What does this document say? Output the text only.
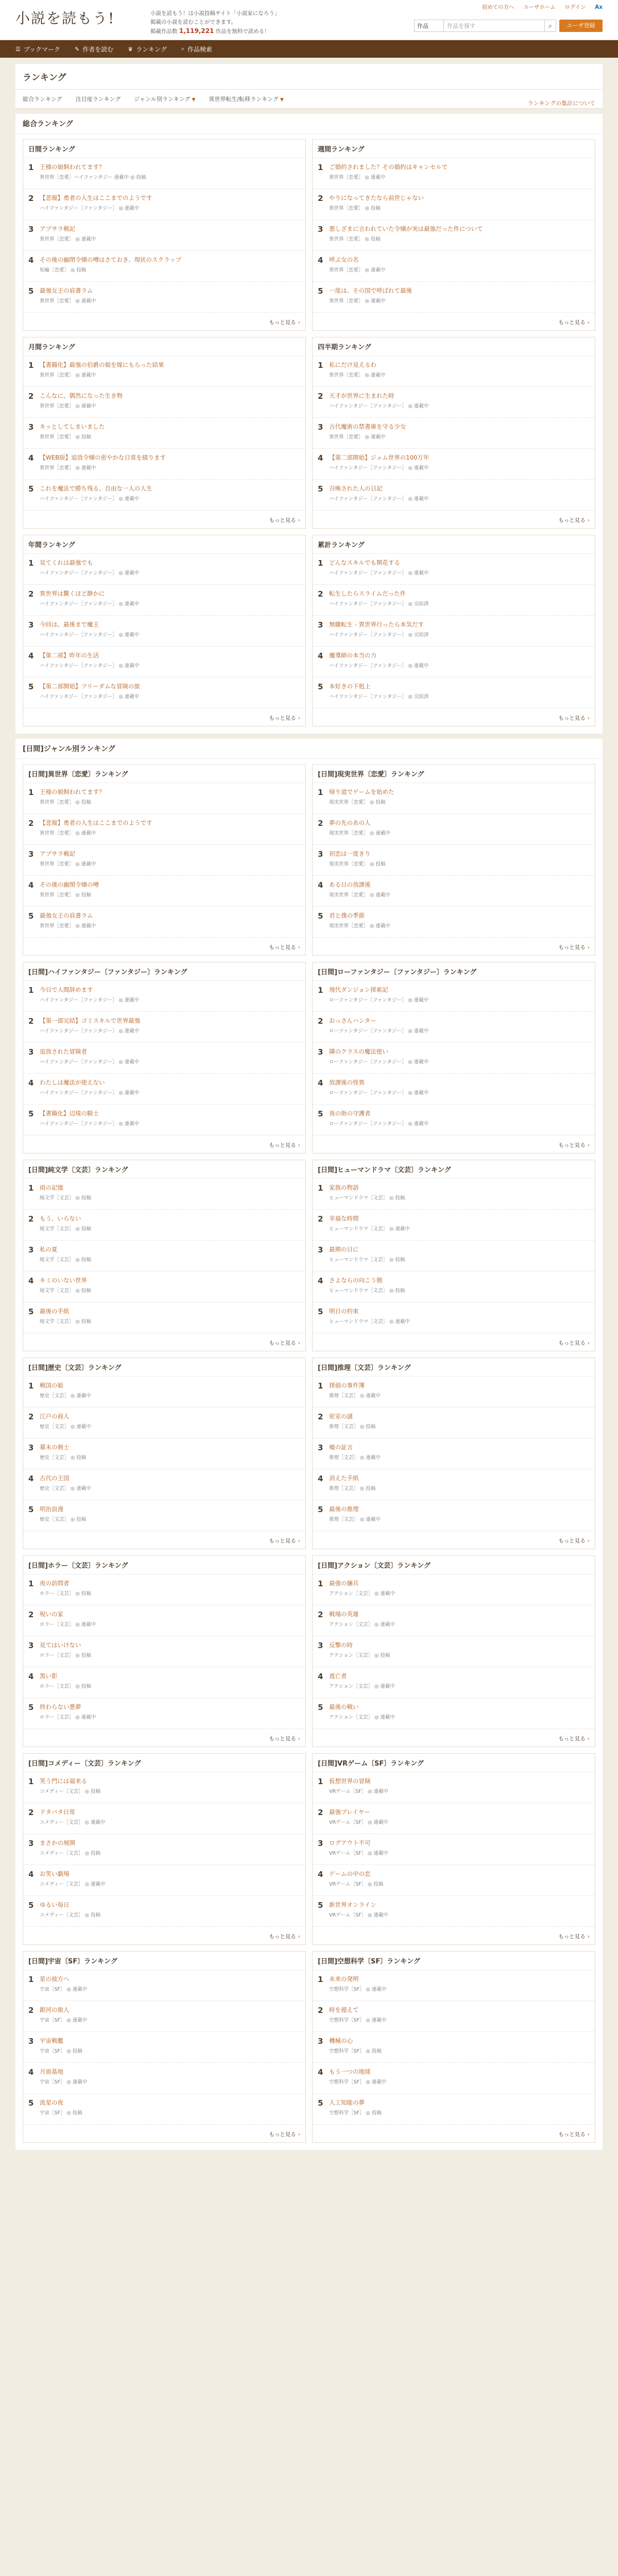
小説を読もう!	小説を読もう！は小説投稿サイト「小説家になろう」掲載の小説を読むことができます。
掲載作品数 1,119,221 作品を無料で読める！
初めての方へ ユーザホーム ログイン Ax
作品	作品を探す	⌕	ユーザ登録
☰ ブックマーク	✎ 作者を読む	♛ ランキング	⌕ 作品検索
ランキング
ランキングの集計について
総合ランキング 注目度ランキング ジャンル別ランキング ▼ 異世界転生/転移ランキング ▼
総合ランキング
日間ランキング
1	王様の娘飼われてます？
異世界［恋愛］ハイファンタジー 連載中 ◎ 投稿
2	【悲報】勇者の人生はここまでのようです
ハイファンタジー［ファンタジー］ ◎ 連載中
3	アプサラ戦記
異世界［恋愛］ ◎ 連載中
4	その後の幽閉令嬢の噂はさておき、現状のスクラップ
短編［恋愛］ ◎ 投稿
5	最強女王の肩書ラム
異世界［恋愛］ ◎ 連載中
もっと見る ›
週間ランキング
1	ご婚約されました？その婚約はキャンセルで
異世界［恋愛］ ◎ 連載中
2	やりになってきたなら前世じゃない
異世界［恋愛］ ◎ 投稿
3	悪しざまに言われていた令嬢が実は最強だった件について
異世界［恋愛］ ◎ 投稿
4	呼ぶ女の名
異世界［恋愛］ ◎ 連載中
5	一度は、その国で呼ばれて最後
異世界［恋愛］ ◎ 連載中
もっと見る ›
月間ランキング
1	【書籍化】最強の伯爵の娘を嫁にもらった結果
異世界［恋愛］ ◎ 連載中
2	こんなに、偶然になった生き物
異世界［恋愛］ ◎ 連載中
3	キッとしてしまいました
異世界［恋愛］ ◎ 投稿
4	【WEB版】追放令嬢の密やかな日常を綴ります
異世界［恋愛］ ◎ 連載中
5	これを魔法で勝ち残る、自由な一人の人生
ハイファンタジー［ファンタジー］ ◎ 連載中
もっと見る ›
四半期ランキング
1	私にだけ見えるわ
異世界［恋愛］ ◎ 連載中
2	天才が世界に生まれた時
ハイファンタジー［ファンタジー］ ◎ 連載中
3	古代魔術の禁書庫を守る少女
異世界［恋愛］ ◎ 連載中
4	【第二部開始】ジェム世界の100万年
ハイファンタジー［ファンタジー］ ◎ 連載中
5	召喚された人の日記
ハイファンタジー［ファンタジー］ ◎ 連載中
もっと見る ›
年間ランキング
1	見てくれは最強でも
ハイファンタジー［ファンタジー］ ◎ 連載中
2	異世界は驚くほど静かに
ハイファンタジー［ファンタジー］ ◎ 連載中
3	今回は、最後まで魔王
ハイファンタジー［ファンタジー］ ◎ 連載中
4	【第二部】昨年の生活
ハイファンタジー［ファンタジー］ ◎ 連載中
5	【第二部開始】フリーダムな冒険の旅
ハイファンタジー［ファンタジー］ ◎ 連載中
もっと見る ›
累計ランキング
1	どんなスキルでも開花する
ハイファンタジー［ファンタジー］ ◎ 連載中
2	転生したらスライムだった件
ハイファンタジー［ファンタジー］ ◎ 完結済
3	無職転生 - 異世界行ったら本気だす
ハイファンタジー［ファンタジー］ ◎ 完結済
4	魔導師の本当の力
ハイファンタジー［ファンタジー］ ◎ 連載中
5	本好きの下剋上
ハイファンタジー［ファンタジー］ ◎ 完結済
もっと見る ›
[日間]ジャンル別ランキング
[日間]異世界〔恋愛〕ランキング
1	王様の娘飼われてます？
異世界［恋愛］ ◎ 投稿
2	【悲報】勇者の人生はここまでのようです
異世界［恋愛］ ◎ 連載中
3	アプサラ戦記
異世界［恋愛］ ◎ 連載中
4	その後の幽閉令嬢の噂
異世界［恋愛］ ◎ 投稿
5	最強女王の肩書ラム
異世界［恋愛］ ◎ 連載中
もっと見る ›
[日間]現実世界〔恋愛〕ランキング
1	帰り道でゲームを始めた
現実世界［恋愛］ ◎ 投稿
2	夢の先のあの人
現実世界［恋愛］ ◎ 連載中
3	初恋は一度きり
現実世界［恋愛］ ◎ 投稿
4	ある日の放課後
現実世界［恋愛］ ◎ 連載中
5	君と僕の季節
現実世界［恋愛］ ◎ 連載中
もっと見る ›
[日間]ハイファンタジー〔ファンタジー〕ランキング
1	今日で人間辞めます
ハイファンタジー［ファンタジー］ ◎ 連載中
2	【第一部完結】ゴミスキルで世界最強
ハイファンタジー［ファンタジー］ ◎ 連載中
3	追放された冒険者
ハイファンタジー［ファンタジー］ ◎ 連載中
4	わたしは魔法が使えない
ハイファンタジー［ファンタジー］ ◎ 連載中
5	【書籍化】辺境の騎士
ハイファンタジー［ファンタジー］ ◎ 連載中
もっと見る ›
[日間]ローファンタジー〔ファンタジー〕ランキング
1	現代ダンジョン探索記
ローファンタジー［ファンタジー］ ◎ 連載中
2	おっさんハンター
ローファンタジー［ファンタジー］ ◎ 連載中
3	隣のクラスの魔法使い
ローファンタジー［ファンタジー］ ◎ 連載中
4	放課後の怪異
ローファンタジー［ファンタジー］ ◎ 連載中
5	夜の街の守護者
ローファンタジー［ファンタジー］ ◎ 連載中
もっと見る ›
[日間]純文学〔文芸〕ランキング
1	雨の記憶
純文学［文芸］ ◎ 投稿
2	もう、いらない
純文学［文芸］ ◎ 投稿
3	私の夏
純文学［文芸］ ◎ 投稿
4	キミのいない世界
純文学［文芸］ ◎ 投稿
5	最後の手紙
純文学［文芸］ ◎ 投稿
もっと見る ›
[日間]ヒューマンドラマ〔文芸〕ランキング
1	家族の物語
ヒューマンドラマ［文芸］ ◎ 投稿
2	幸福な時間
ヒューマンドラマ［文芸］ ◎ 連載中
3	最期の日に
ヒューマンドラマ［文芸］ ◎ 投稿
4	さよならの向こう側
ヒューマンドラマ［文芸］ ◎ 投稿
5	明日の約束
ヒューマンドラマ［文芸］ ◎ 連載中
もっと見る ›
[日間]歴史〔文芸〕ランキング
1	戦国の姫
歴史［文芸］ ◎ 連載中
2	江戸の商人
歴史［文芸］ ◎ 連載中
3	幕末の剣士
歴史［文芸］ ◎ 投稿
4	古代の王国
歴史［文芸］ ◎ 連載中
5	明治浪漫
歴史［文芸］ ◎ 投稿
もっと見る ›
[日間]推理〔文芸〕ランキング
1	探偵の事件簿
推理［文芸］ ◎ 連載中
2	密室の謎
推理［文芸］ ◎ 投稿
3	嘘の証言
推理［文芸］ ◎ 連載中
4	消えた手紙
推理［文芸］ ◎ 投稿
5	最後の推理
推理［文芸］ ◎ 連載中
もっと見る ›
[日間]ホラー〔文芸〕ランキング
1	夜の訪問者
ホラー［文芸］ ◎ 投稿
2	呪いの家
ホラー［文芸］ ◎ 連載中
3	見てはいけない
ホラー［文芸］ ◎ 投稿
4	黒い影
ホラー［文芸］ ◎ 投稿
5	終わらない悪夢
ホラー［文芸］ ◎ 連載中
もっと見る ›
[日間]アクション〔文芸〕ランキング
1	最強の傭兵
アクション［文芸］ ◎ 連載中
2	戦場の英雄
アクション［文芸］ ◎ 連載中
3	反撃の時
アクション［文芸］ ◎ 投稿
4	逃亡者
アクション［文芸］ ◎ 連載中
5	最後の戦い
アクション［文芸］ ◎ 連載中
もっと見る ›
[日間]コメディー〔文芸〕ランキング
1	笑う門には福来る
コメディー［文芸］ ◎ 投稿
2	ドタバタ日常
コメディー［文芸］ ◎ 連載中
3	まさかの展開
コメディー［文芸］ ◎ 投稿
4	お笑い劇場
コメディー［文芸］ ◎ 連載中
5	ゆるい毎日
コメディー［文芸］ ◎ 投稿
もっと見る ›
[日間]VRゲーム〔SF〕ランキング
1	仮想世界の冒険
VRゲーム［SF］ ◎ 連載中
2	最強プレイヤー
VRゲーム［SF］ ◎ 連載中
3	ログアウト不可
VRゲーム［SF］ ◎ 連載中
4	ゲームの中の恋
VRゲーム［SF］ ◎ 投稿
5	新世界オンライン
VRゲーム［SF］ ◎ 連載中
もっと見る ›
[日間]宇宙〔SF〕ランキング
1	星の彼方へ
宇宙［SF］ ◎ 連載中
2	銀河の旅人
宇宙［SF］ ◎ 連載中
3	宇宙戦艦
宇宙［SF］ ◎ 投稿
4	月面基地
宇宙［SF］ ◎ 連載中
5	流星の夜
宇宙［SF］ ◎ 投稿
もっと見る ›
[日間]空想科学〔SF〕ランキング
1	未来の発明
空想科学［SF］ ◎ 連載中
2	時を超えて
空想科学［SF］ ◎ 連載中
3	機械の心
空想科学［SF］ ◎ 投稿
4	もう一つの地球
空想科学［SF］ ◎ 連載中
5	人工知能の夢
空想科学［SF］ ◎ 投稿
もっと見る ›
